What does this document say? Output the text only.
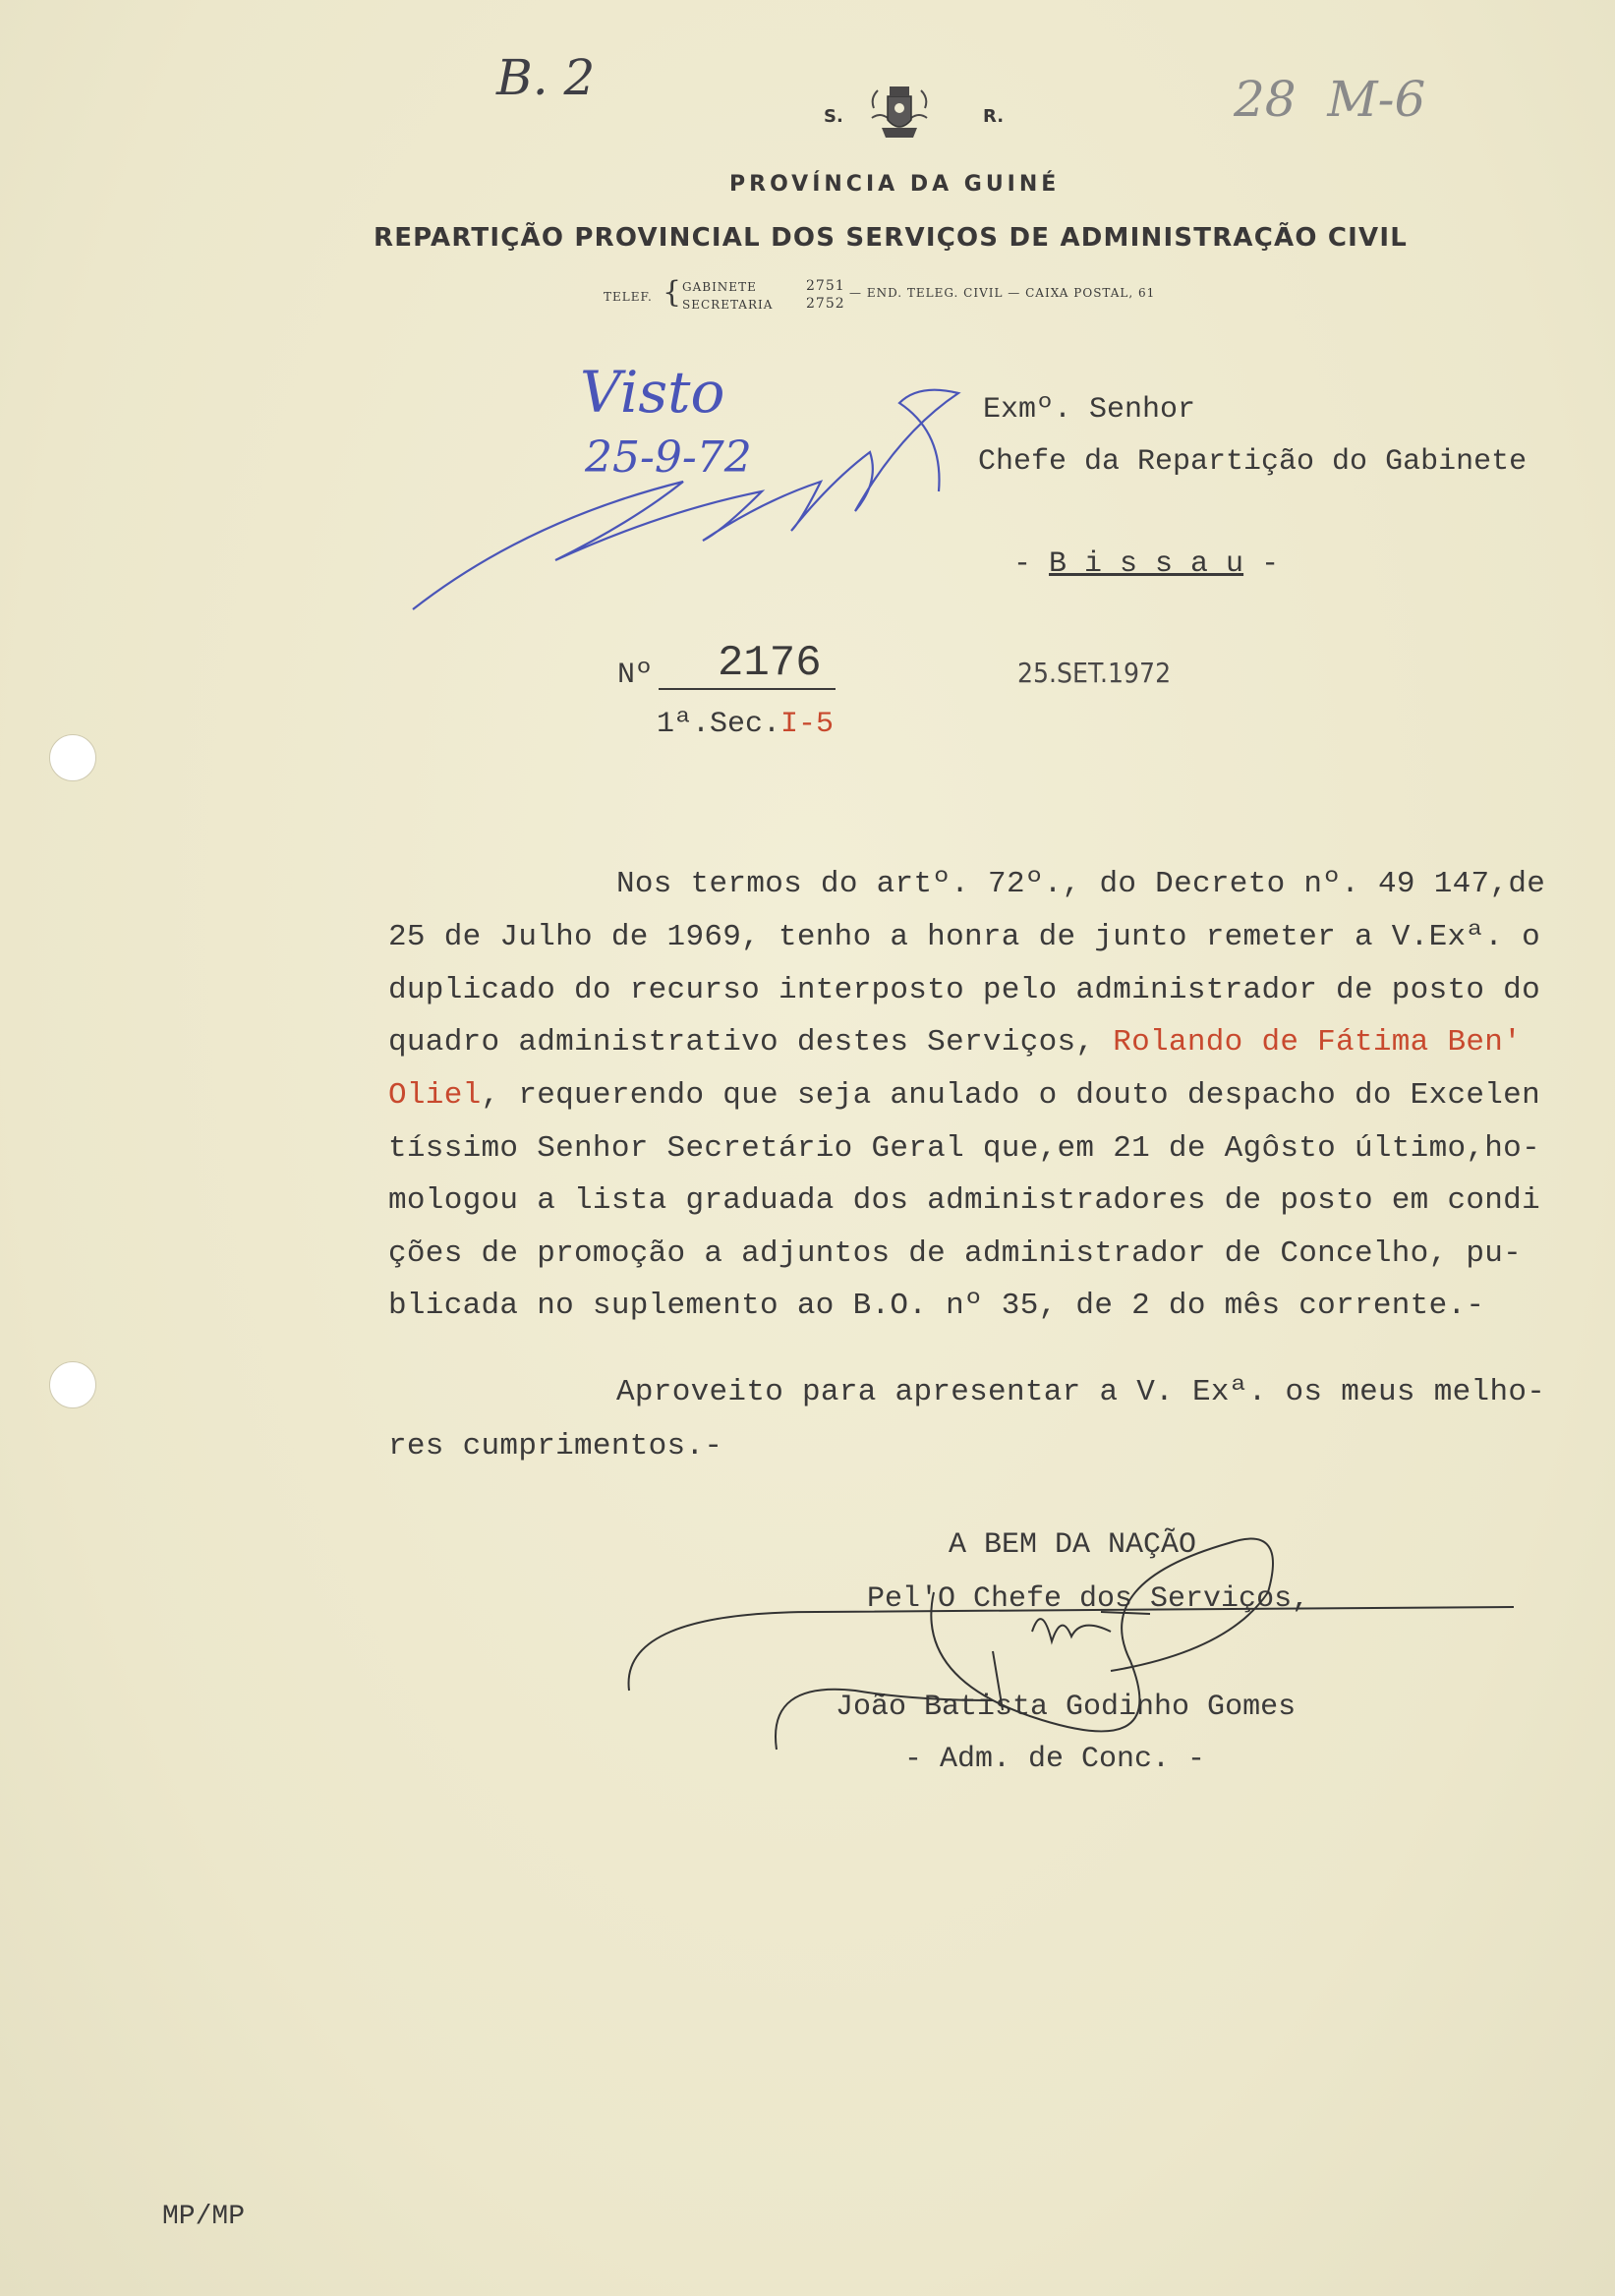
B. 2	28  M-6
S.	R.
PROVÍNCIA DA GUINÉ
REPARTIÇÃO PROVINCIAL DOS SERVIÇOS DE ADMINISTRAÇÃO CIVIL
TELEF. { GABINETE	2751
SECRETARIA 2752
— END. TELEG. CIVIL — CAIXA POSTAL, 61
Visto
25-9-72
Exmº. Senhor
Chefe da Repartição do Gabinete

- B i s s a u -

Nº 2176
1ª.Sec.I-5
25.SET.1972
Nos termos do artº. 72º., do Decreto nº. 49 147,de
25 de Julho de 1969, tenho a honra de junto remeter a V.Exª. o
duplicado do recurso interposto pelo administrador de posto do
quadro administrativo destes Serviços, Rolando de Fátima Ben'
Oliel, requerendo que seja anulado o douto despacho do Excelen
tíssimo Senhor Secretário Geral que,em 21 de Agôsto último,ho-
mologou a lista graduada dos administradores de posto em condi
ções de promoção a adjuntos de administrador de Concelho, pu-
blicada no suplemento ao B.O. nº 35, de 2 do mês corrente.-
Aproveito para apresentar a V. Exª. os meus melho-
res cumprimentos.-
A BEM DA NAÇÃO
Pel'O Chefe dos Serviços,
João Batista Godinho Gomes
- Adm. de Conc. -
MP/MP
